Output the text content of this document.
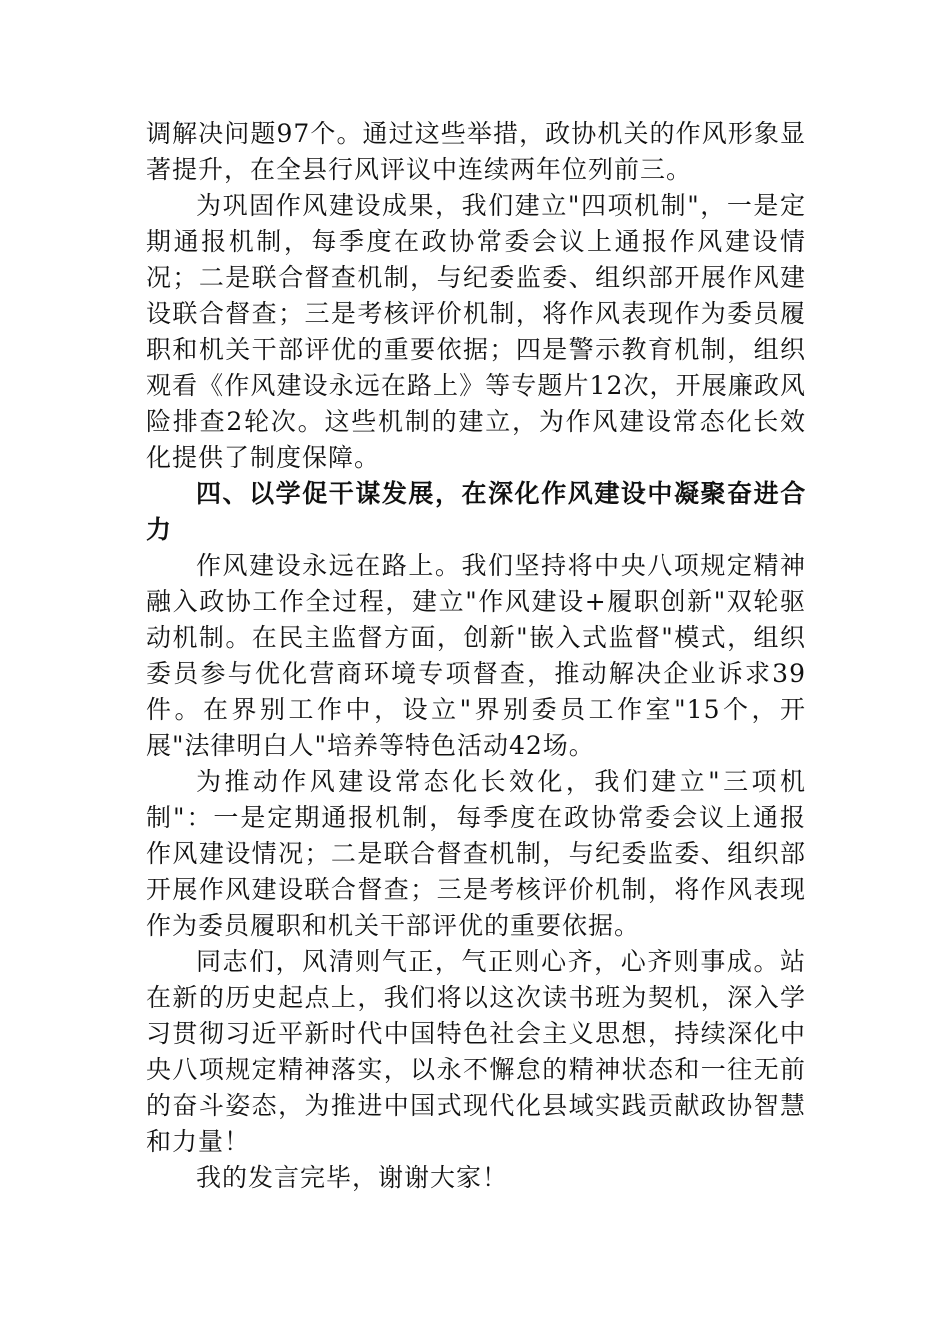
调解决问题97个。通过这些举措，政协机关的作风形象显著提升，在全县行风评议中连续两年位列前三。

为巩固作风建设成果，我们建立"四项机制"，一是定期通报机制，每季度在政协常委会议上通报作风建设情况；二是联合督查机制，与纪委监委、组织部开展作风建设联合督查；三是考核评价机制，将作风表现作为委员履职和机关干部评优的重要依据；四是警示教育机制，组织观看《作风建设永远在路上》等专题片12次，开展廉政风险排查2轮次。这些机制的建立，为作风建设常态化长效化提供了制度保障。

四、以学促干谋发展，在深化作风建设中凝聚奋进合力

作风建设永远在路上。我们坚持将中央八项规定精神融入政协工作全过程，建立"作风建设+履职创新"双轮驱动机制。在民主监督方面，创新"嵌入式监督"模式，组织委员参与优化营商环境专项督查，推动解决企业诉求39件。在界别工作中，设立"界别委员工作室"15个，开展"法律明白人"培养等特色活动42场。

为推动作风建设常态化长效化，我们建立"三项机制"：一是定期通报机制，每季度在政协常委会议上通报作风建设情况；二是联合督查机制，与纪委监委、组织部开展作风建设联合督查；三是考核评价机制，将作风表现作为委员履职和机关干部评优的重要依据。

同志们，风清则气正，气正则心齐，心齐则事成。站在新的历史起点上，我们将以这次读书班为契机，深入学习贯彻习近平新时代中国特色社会主义思想，持续深化中央八项规定精神落实，以永不懈怠的精神状态和一往无前的奋斗姿态，为推进中国式现代化县域实践贡献政协智慧和力量！

我的发言完毕，谢谢大家！
